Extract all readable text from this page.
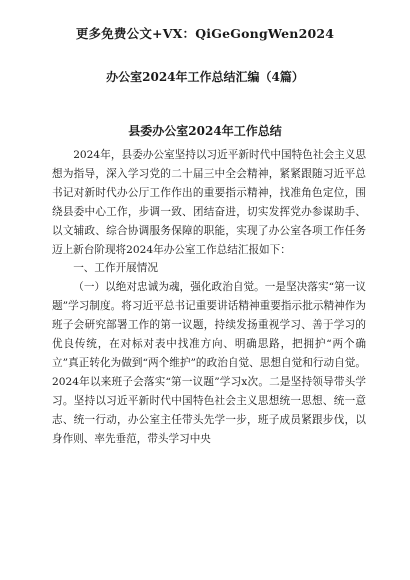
更多免费公文+VX：QiGeGongWen2024
办公室2024年工作总结汇编（4篇）
县委办公室2024年工作总结

2024年，县委办公室坚持以习近平新时代中国特色社会主义思想为指导，深入学习党的二十届三中全会精神，紧紧跟随习近平总书记对新时代办公厅工作作出的重要指示精神，找准角色定位，围绕县委中心工作，步调一致、团结奋进，切实发挥党办参谋助手、以文辅政、综合协调服务保障的职能，实现了办公室各项工作任务迈上新台阶现将2024年办公室工作总结汇报如下：

一、工作开展情况

（一）以绝对忠诚为魂，强化政治自觉。一是坚决落实“第一议题”学习制度。将习近平总书记重要讲话精神重要指示批示精神作为班子会研究部署工作的第一议题，持续发扬重视学习、善于学习的优良传统，在对标对表中找准方向、明确思路，把拥护“两个确立”真正转化为做到“两个维护”的政治自觉、思想自觉和行动自觉。2024年以来班子会落实“第一议题”学习x次。二是坚持领导带头学习。坚持以习近平新时代中国特色社会主义思想统一思想、统一意志、统一行动，办公室主任带头先学一步，班子成员紧跟步伐，以身作则、率先垂范，带头学习中央
